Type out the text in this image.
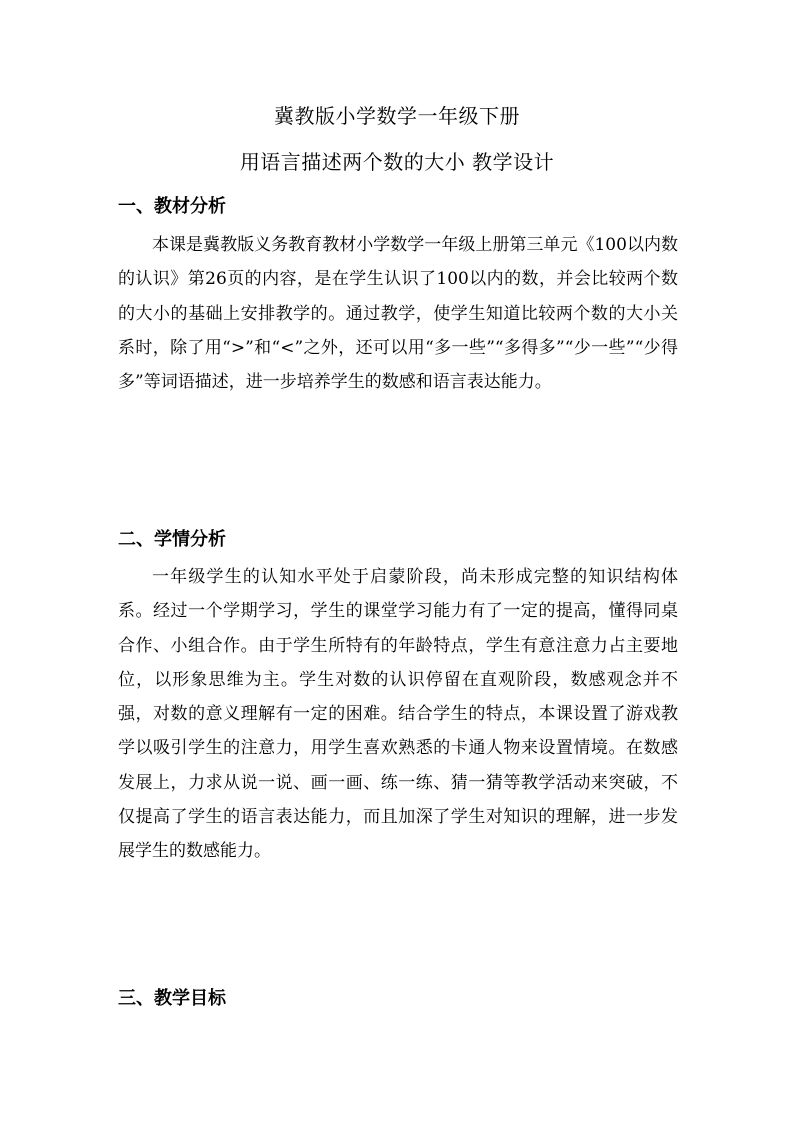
冀教版小学数学一年级下册
用语言描述两个数的大小 教学设计
一、教材分析

本课是冀教版义务教育教材小学数学一年级上册第三单元《100以内数的认识》第26页的内容，是在学生认识了100以内的数，并会比较两个数的大小的基础上安排教学的。通过教学，使学生知道比较两个数的大小关系时，除了用“>”和“<”之外，还可以用“多一些”“多得多”“少一些”“少得多”等词语描述，进一步培养学生的数感和语言表达能力。

二、学情分析

一年级学生的认知水平处于启蒙阶段，尚未形成完整的知识结构体系。经过一个学期学习，学生的课堂学习能力有了一定的提高，懂得同桌合作、小组合作。由于学生所特有的年龄特点，学生有意注意力占主要地位，以形象思维为主。学生对数的认识停留在直观阶段，数感观念并不强，对数的意义理解有一定的困难。结合学生的特点，本课设置了游戏教学以吸引学生的注意力，用学生喜欢熟悉的卡通人物来设置情境。在数感发展上，力求从说一说、画一画、练一练、猜一猜等教学活动来突破，不仅提高了学生的语言表达能力，而且加深了学生对知识的理解，进一步发展学生的数感能力。

三、教学目标
